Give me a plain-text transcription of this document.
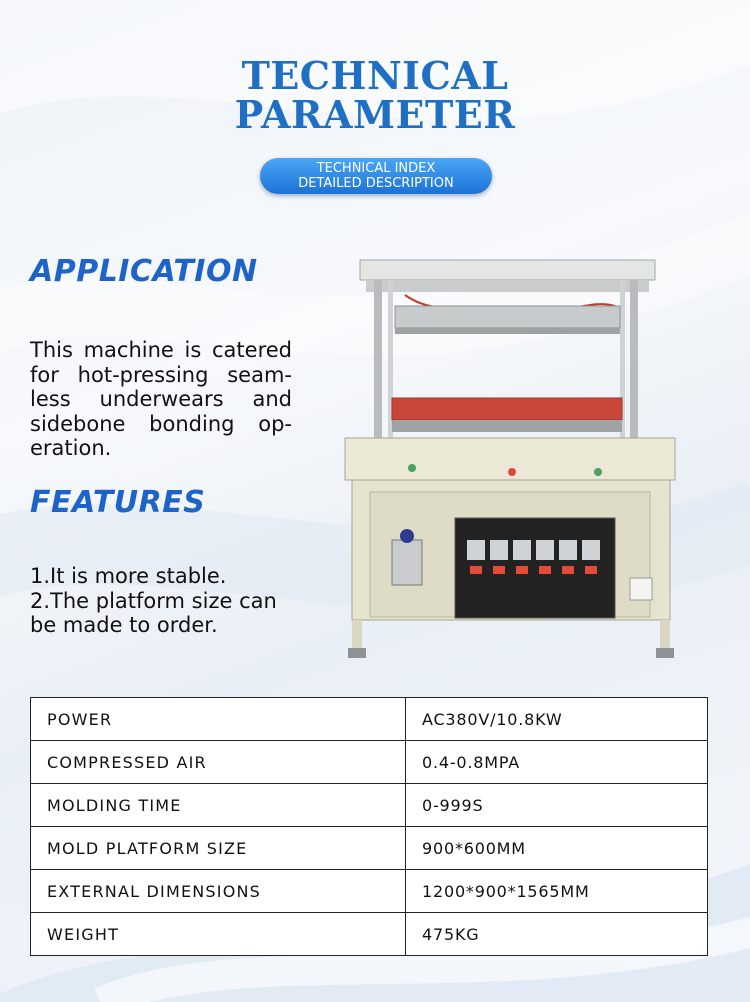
TECHNICAL
PARAMETER
TECHNICAL INDEX
DETAILED DESCRIPTION
APPLICATION
This machine is catered
for hot-pressing seam-
less underwears and
sidebone bonding op-
eration.
FEATURES
1.It is more stable.
2.The platform size can
be made to order.
POWER	AC380V/10.8KW
COMPRESSED AIR	0.4-0.8MPA
MOLDING TIME	0-999S
MOLD PLATFORM SIZE	900*600MM
EXTERNAL DIMENSIONS	1200*900*1565MM
WEIGHT	475KG
